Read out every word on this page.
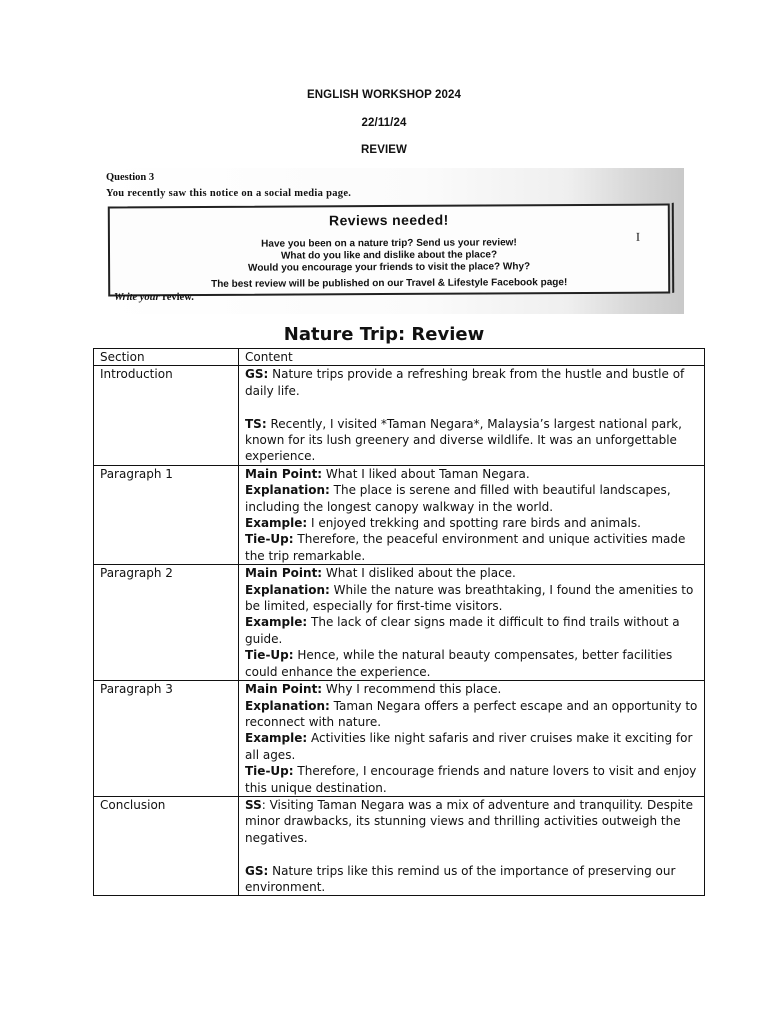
ENGLISH WORKSHOP 2024
22/11/24
REVIEW
Question 3
You recently saw this notice on a social media page.
Reviews needed!
Have you been on a nature trip? Send us your review!
What do you like and dislike about the place?
Would you encourage your friends to visit the place? Why?
The best review will be published on our Travel & Lifestyle Facebook page!
I
Write your review.
Nature Trip: Review
Section	Content
Introduction	GS: Nature trips provide a refreshing break from the hustle and bustle of daily life.
TS: Recently, I visited *Taman Negara*, Malaysia’s largest national park, known for its lush greenery and diverse wildlife. It was an unforgettable experience.

Paragraph 1	Main Point: What I liked about Taman Negara.
Explanation: The place is serene and filled with beautiful landscapes, including the longest canopy walkway in the world.
Example: I enjoyed trekking and spotting rare birds and animals.
Tie-Up: Therefore, the peaceful environment and unique activities made the trip remarkable.

Paragraph 2	Main Point: What I disliked about the place.
Explanation: While the nature was breathtaking, I found the amenities to be limited, especially for first-time visitors.
Example: The lack of clear signs made it difficult to find trails without a guide.
Tie-Up: Hence, while the natural beauty compensates, better facilities could enhance the experience.

Paragraph 3	Main Point: Why I recommend this place.
Explanation: Taman Negara offers a perfect escape and an opportunity to reconnect with nature.
Example: Activities like night safaris and river cruises make it exciting for all ages.
Tie-Up: Therefore, I encourage friends and nature lovers to visit and enjoy this unique destination.

Conclusion	SS: Visiting Taman Negara was a mix of adventure and tranquility. Despite minor drawbacks, its stunning views and thrilling activities outweigh the negatives.
GS: Nature trips like this remind us of the importance of preserving our environment.
